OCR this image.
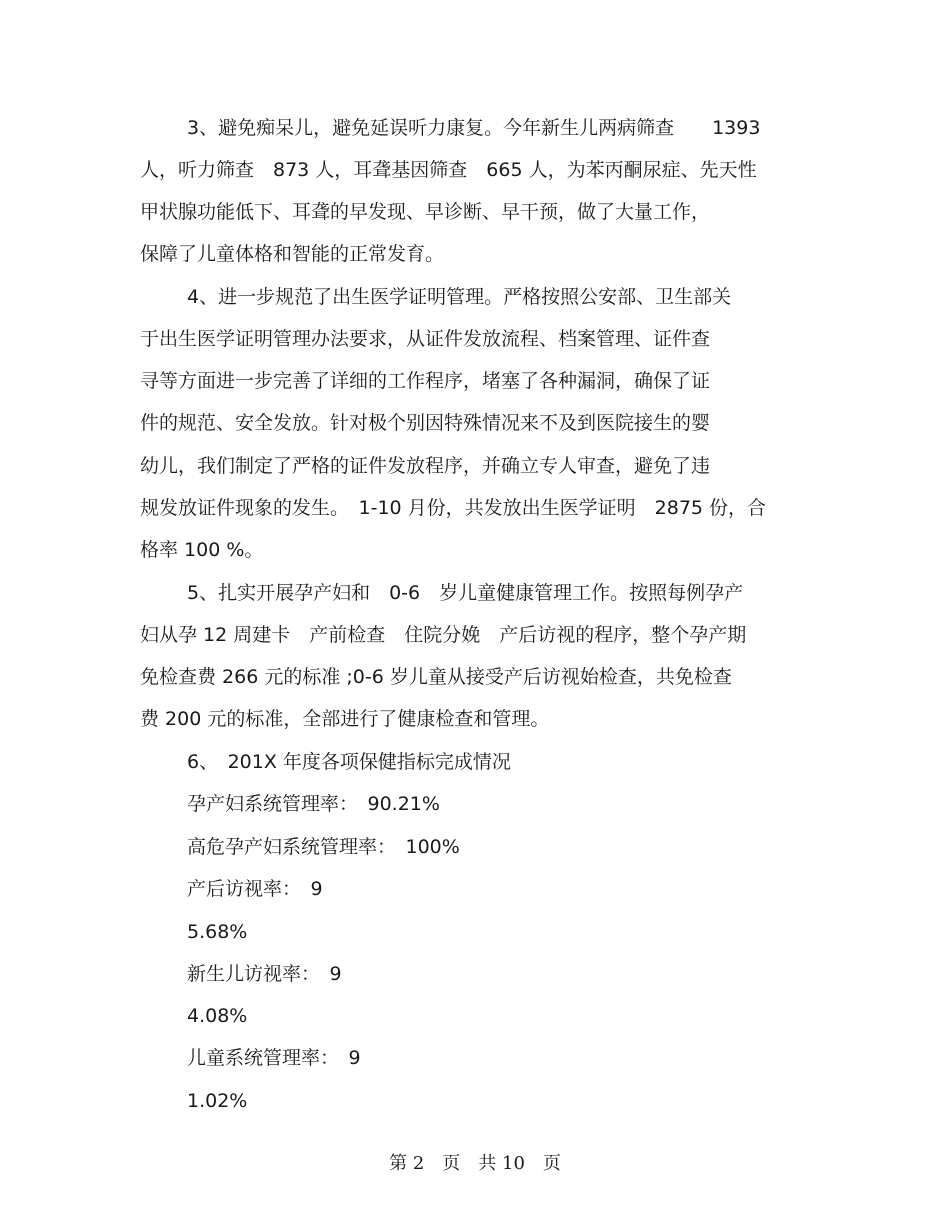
3、避免痴呆儿，避免延误听力康复。今年新生儿两病筛查　　1393
人，听力筛查　873 人，耳聋基因筛查　665 人，为苯丙酮尿症、先天性
甲状腺功能低下、耳聋的早发现、早诊断、早干预，做了大量工作，
保障了儿童体格和智能的正常发育。
4、进一步规范了出生医学证明管理。严格按照公安部、卫生部关
于出生医学证明管理办法要求，从证件发放流程、档案管理、证件查
寻等方面进一步完善了详细的工作程序，堵塞了各种漏洞，确保了证
件的规范、安全发放。针对极个别因特殊情况来不及到医院接生的婴
幼儿，我们制定了严格的证件发放程序，并确立专人审查，避免了违
规发放证件现象的发生。　1-10 月份，共发放出生医学证明　2875 份，合
格率 100 %。
5、扎实开展孕产妇和　0-6　岁儿童健康管理工作。按照每例孕产
妇从孕 12 周建卡　产前检查　住院分娩　产后访视的程序，整个孕产期
免检查费 266 元的标准 ;0-6 岁儿童从接受产后访视始检查，共免检查
费 200 元的标准，全部进行了健康检查和管理。
6、　201X 年度各项保健指标完成情况
孕产妇系统管理率：　90.21%
高危孕产妇系统管理率：　100%
产后访视率：　9
5.68%
新生儿访视率：　9
4.08%
儿童系统管理率：　9
1.02%
第 2　页　共 10　页
